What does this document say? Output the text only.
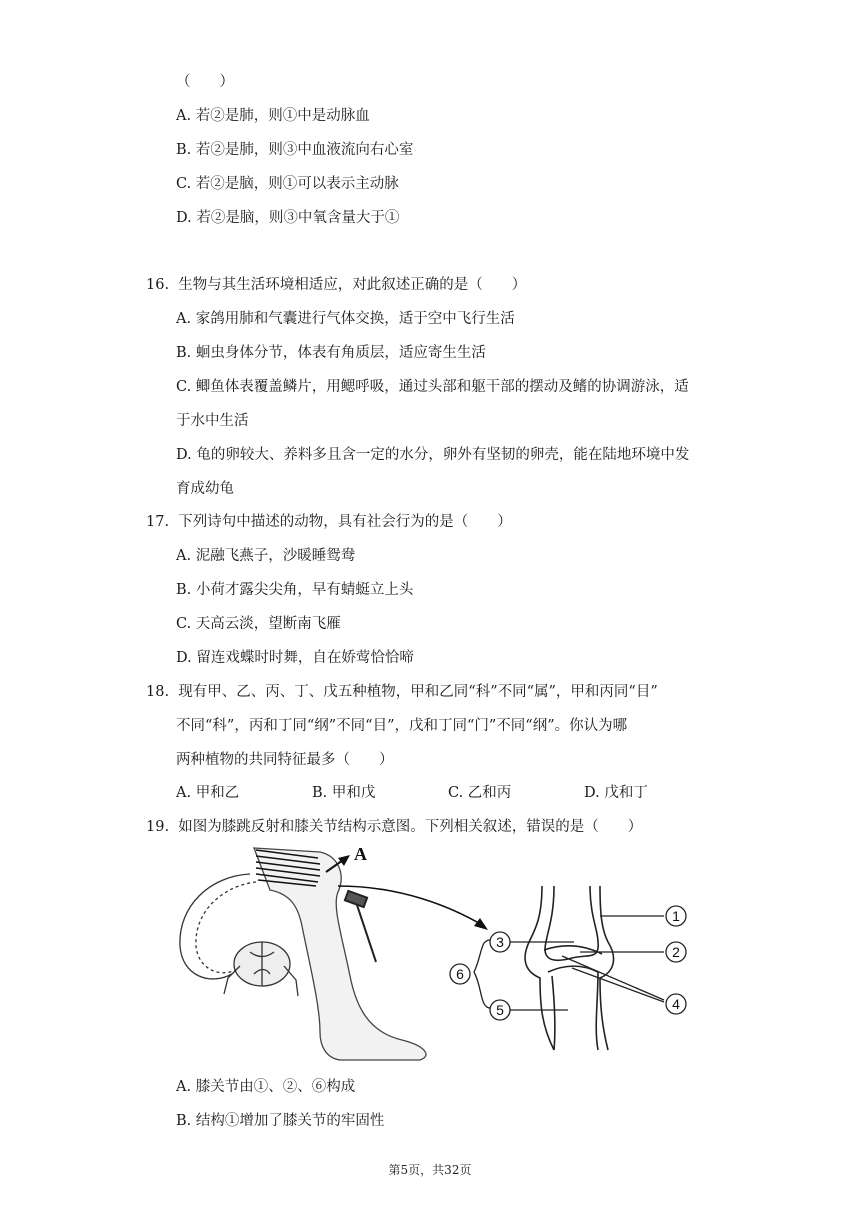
（　　）
A. 若②是肺，则①中是动脉血
B. 若②是肺，则③中血液流向右心室
C. 若②是脑，则①可以表示主动脉
D. 若②是脑，则③中氧含量大于①
16. 生物与其生活环境相适应，对此叙述正确的是（　　）
A. 家鸽用肺和气囊进行气体交换，适于空中飞行生活
B. 蛔虫身体分节，体表有角质层，适应寄生生活
C. 鲫鱼体表覆盖鳞片，用鳃呼吸，通过头部和躯干部的摆动及鳍的协调游泳，适
于水中生活
D. 龟的卵较大、养料多且含一定的水分，卵外有坚韧的卵壳，能在陆地环境中发
育成幼龟
17. 下列诗句中描述的动物，具有社会行为的是（　　）
A. 泥融飞燕子，沙暖睡鸳鸯
B. 小荷才露尖尖角，早有蜻蜓立上头
C. 天高云淡，望断南飞雁
D. 留连戏蝶时时舞，自在娇莺恰恰啼
18. 现有甲、乙、丙、丁、戊五种植物，甲和乙同“科”不同“属”，甲和丙同“目”
不同“科”，丙和丁同“纲”不同“目”，戊和丁同“门”不同“纲”。你认为哪
两种植物的共同特征最多（　　）
A. 甲和乙	B. 甲和戊	C. 乙和丙	D. 戊和丁
19. 如图为膝跳反射和膝关节结构示意图。下列相关叙述，错误的是（　　）
A
1
2
3
4
5
6
A. 膝关节由①、②、⑥构成
B. 结构①增加了膝关节的牢固性
第5页，共32页
